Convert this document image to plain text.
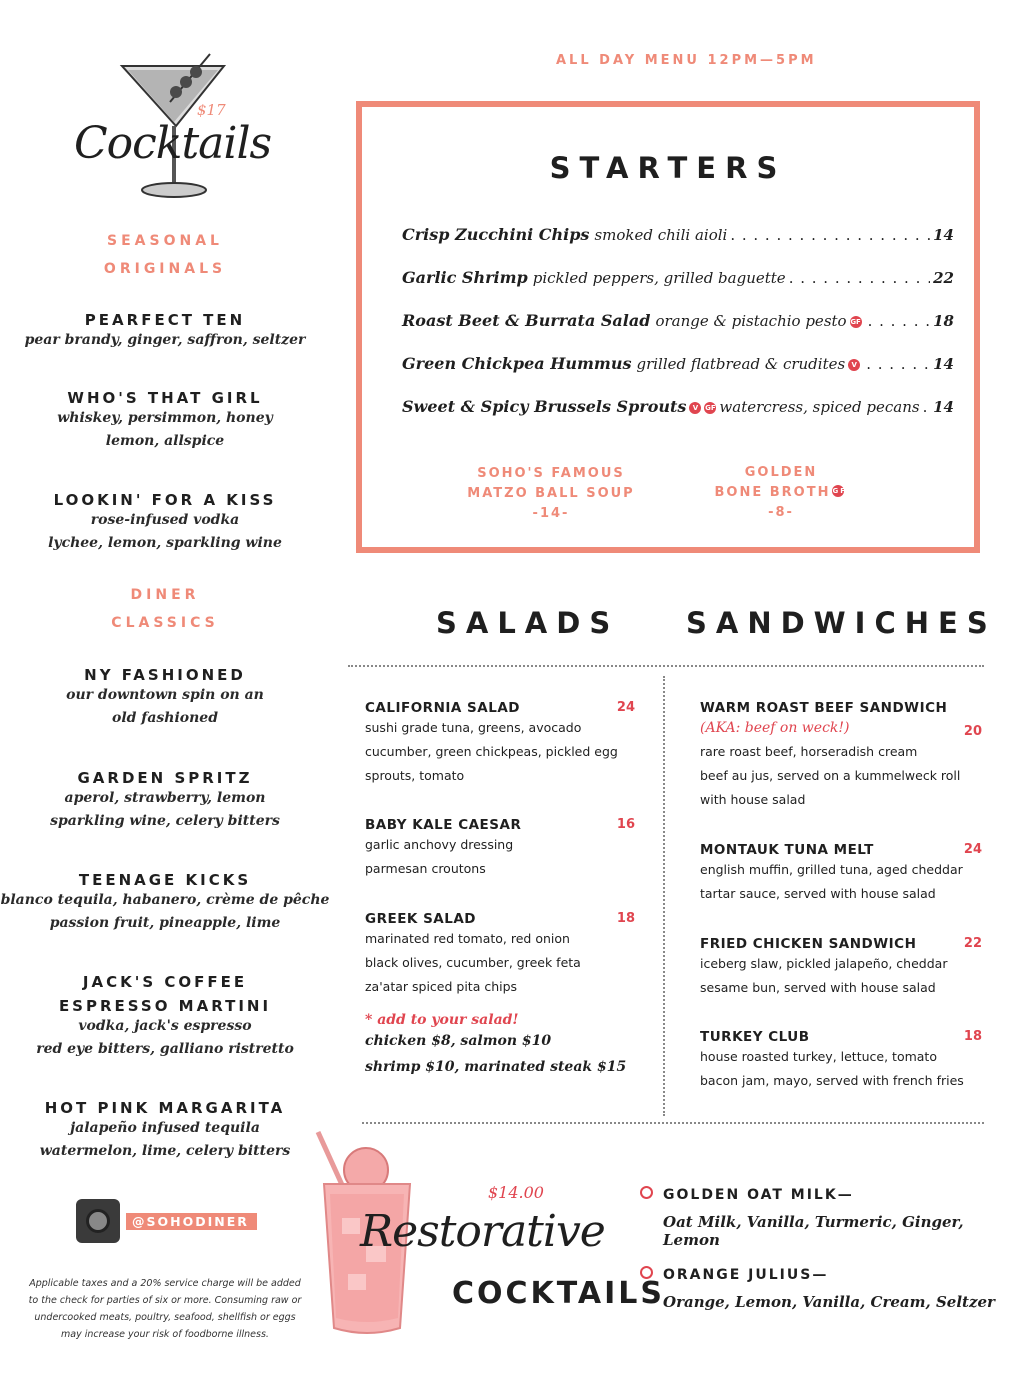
$17
Cocktails
SEASONAL
ORIGINALS
PEARFECT TEN
pear brandy, ginger, saffron, seltzer
WHO'S THAT GIRL
whiskey, persimmon, honey
lemon, allspice
LOOKIN' FOR A KISS
rose-infused vodka
lychee, lemon, sparkling wine
DINER
CLASSICS
NY FASHIONED
our downtown spin on an
old fashioned
GARDEN SPRITZ
aperol, strawberry, lemon
sparkling wine, celery bitters
TEENAGE KICKS
blanco tequila, habanero, crème de pêche
passion fruit, pineapple, lime
JACK'S COFFEE
ESPRESSO MARTINI
vodka, jack's espresso
red eye bitters, galliano ristretto
HOT PINK MARGARITA
jalapeño infused tequila
watermelon, lime, celery bitters
@SOHODINER
Applicable taxes and a 20% service charge will be added
to the check for parties of six or more. Consuming raw or
undercooked meats, poultry, seafood, shellfish or eggs
may increase your risk of foodborne illness.
ALL DAY MENU 12PM—5PM
STARTERS
Crisp Zucchini Chips smoked chili aioli . . .	14
Garlic Shrimp pickled peppers, grilled baguette . . .	22
Roast Beet & Burrata Salad orange & pistachio pesto GF . . .	18
Green Chickpea Hummus grilled flatbread & crudites V . . .	14
Sweet & Spicy Brussels Sprouts V	GF watercress, spiced pecans . . . 14
SOHO'S FAMOUS
MATZO BALL SOUP
-14-
GOLDEN
BONE BROTH GF
-8-
SALADS SANDWICHES
CALIFORNIA SALAD	24
sushi grade tuna, greens, avocado
cucumber, green chickpeas, pickled egg
sprouts, tomato
BABY KALE CAESAR	16
garlic anchovy dressing
parmesan croutons
GREEK SALAD	18
marinated red tomato, red onion
black olives, cucumber, greek feta
za'atar spiced pita chips
* add to your salad!
chicken $8, salmon $10
shrimp $10, marinated steak $15
WARM ROAST BEEF SANDWICH
(AKA: beef on weck!)	20
rare roast beef, horseradish cream
beef au jus, served on a kummelweck roll
with house salad
MONTAUK TUNA MELT	24
english muffin, grilled tuna, aged cheddar
tartar sauce, served with house salad
FRIED CHICKEN SANDWICH	22
iceberg slaw, pickled jalapeño, cheddar
sesame bun, served with house salad
TURKEY CLUB	18
house roasted turkey, lettuce, tomato
bacon jam, mayo, served with french fries
$14.00
Restorative
COCKTAILS
GOLDEN OAT MILK—
Oat Milk, Vanilla, Turmeric, Ginger, Lemon
ORANGE JULIUS—
Orange, Lemon, Vanilla, Cream, Seltzer
